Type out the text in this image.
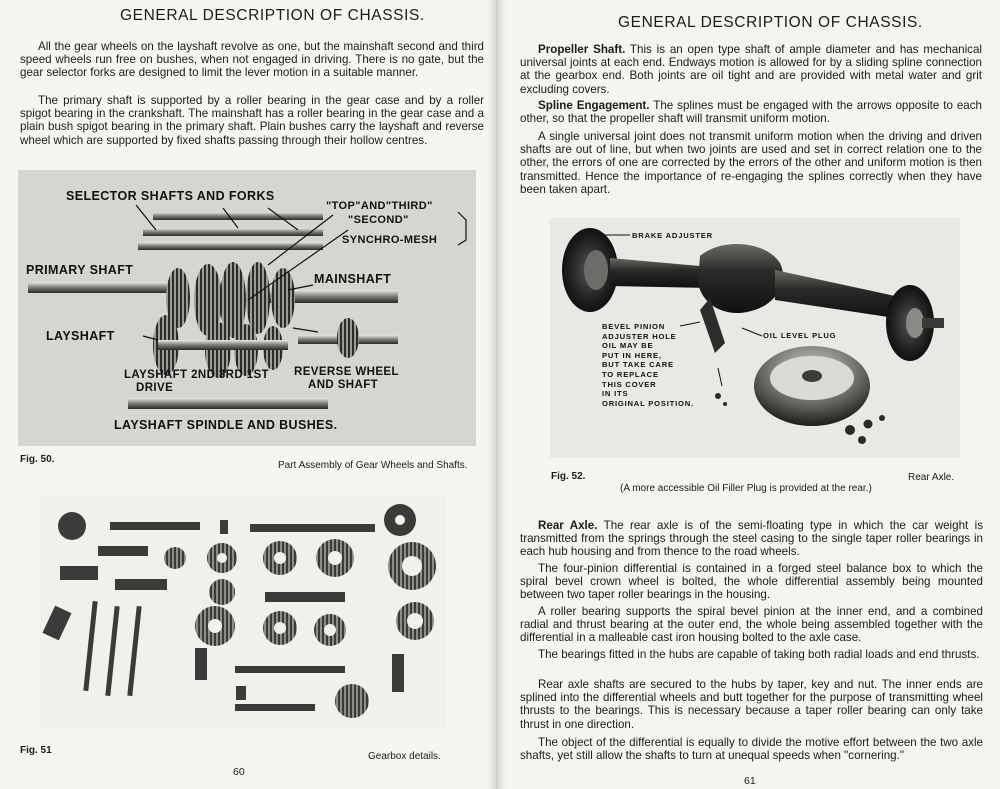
GENERAL DESCRIPTION OF CHASSIS.

All the gear wheels on the layshaft revolve as one, but the mainshaft second and third speed wheels run free on bushes, when not engaged in driving. There is no gate, but the gear selector forks are designed to limit the lever motion in a suitable manner.

The primary shaft is supported by a roller bearing in the gear case and by a roller spigot bearing in the crankshaft. The mainshaft has a roller bearing in the gear case and a plain bush spigot bearing in the primary shaft. Plain bushes carry the layshaft and reverse wheel which are supported by fixed shafts passing through their hollow centres.

SELECTOR SHAFTS AND FORKS
"TOP"AND"THIRD"
"SECOND"
SYNCHRO-MESH
PRIMARY SHAFT
MAINSHAFT
LAYSHAFT
LAYSHAFT 2ND 3RD 1ST
DRIVE
REVERSE WHEEL
AND SHAFT
LAYSHAFT SPINDLE AND BUSHES.
Fig. 50.
Part Assembly of Gear Wheels and Shafts.
Fig. 51
Gearbox details.
60
GENERAL DESCRIPTION OF CHASSIS.

Propeller Shaft. This is an open type shaft of ample diameter and has mechanical universal joints at each end. Endways motion is allowed for by a sliding spline connection at the gearbox end. Both joints are oil tight and are provided with metal water and grit excluding covers.

Spline Engagement. The splines must be engaged with the arrows opposite to each other, so that the propeller shaft will transmit uniform motion.

A single universal joint does not transmit uniform motion when the driving and driven shafts are out of line, but when two joints are used and set in correct relation one to the other, the errors of one are corrected by the errors of the other and uniform motion is then transmitted. Hence the importance of re-engaging the splines correctly when they have been taken apart.

BRAKE ADJUSTER
BEVEL PINION
ADJUSTER HOLE
OIL MAY BE
PUT IN HERE,
BUT TAKE CARE
TO REPLACE
THIS COVER
IN ITS
ORIGINAL POSITION.
OIL LEVEL PLUG
Fig. 52.	Rear Axle.
(A more accessible Oil Filler Plug is provided at the rear.)

Rear Axle. The rear axle is of the semi-floating type in which the car weight is transmitted from the springs through the steel casing to the single taper roller bearings in each hub housing and from thence to the road wheels.

The four-pinion differential is contained in a forged steel balance box to which the spiral bevel crown wheel is bolted, the whole differential assembly being mounted between two taper roller bearings in the housing.

A roller bearing supports the spiral bevel pinion at the inner end, and a combined radial and thrust bearing at the outer end, the whole being assembled together with the differential in a malleable cast iron housing bolted to the axle case.

The bearings fitted in the hubs are capable of taking both radial loads and end thrusts.

Rear axle shafts are secured to the hubs by taper, key and nut. The inner ends are splined into the differential wheels and butt together for the purpose of transmitting wheel thrusts to the bearings. This is necessary because a taper roller bearing can only take thrust in one direction.

The object of the differential is equally to divide the motive effort between the two axle shafts, yet still allow the shafts to turn at unequal speeds when "cornering."

61
